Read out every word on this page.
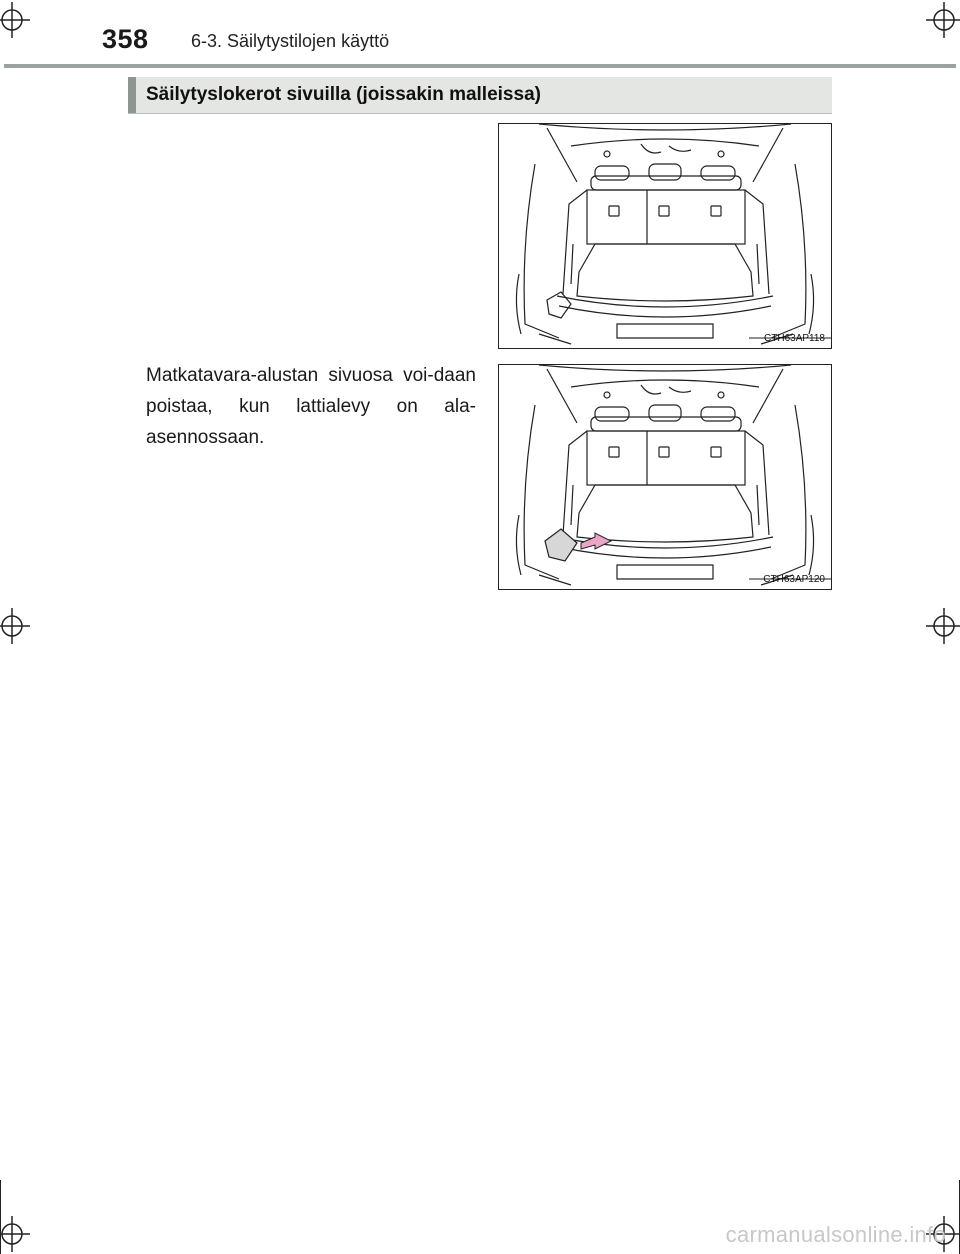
358 6-3. Säilytystilojen käyttö
Säilytyslokerot sivuilla (joissakin malleissa)
Matkatavara-alustan sivuosa voi-daan poistaa, kun lattialevy on ala-asennossaan.
CTH63AP118
CTH63AP120
carmanualsonline.info
